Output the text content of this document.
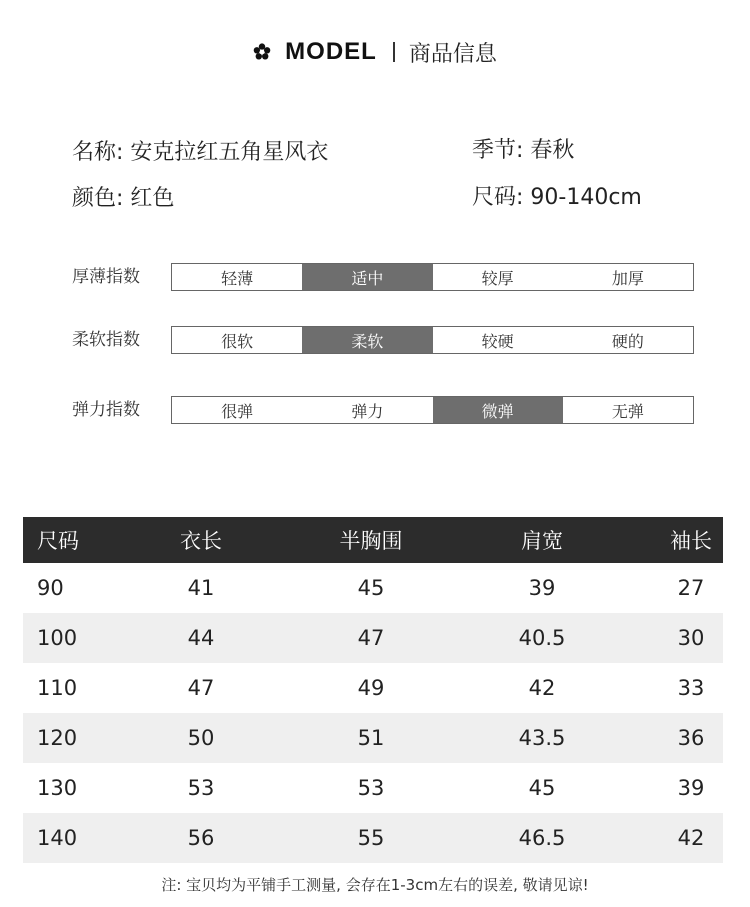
MODEL 商品信息
名称: 安克拉红五角星风衣	季节: 春秋
颜色: 红色	尺码: 90-140cm
厚薄指数	轻薄	适中	较厚	加厚
柔软指数	很软	柔软	较硬	硬的
弹力指数	很弹	弹力	微弹	无弹
尺码	衣长	半胸围	肩宽	袖长
90	41	45	39	27
100	44	47	40.5	30
110	47	49	42	33
120	50	51	43.5	36
130	53	53	45	39
140	56	55	46.5	42
注: 宝贝均为平铺手工测量, 会存在1-3cm左右的误差, 敬请见谅!
